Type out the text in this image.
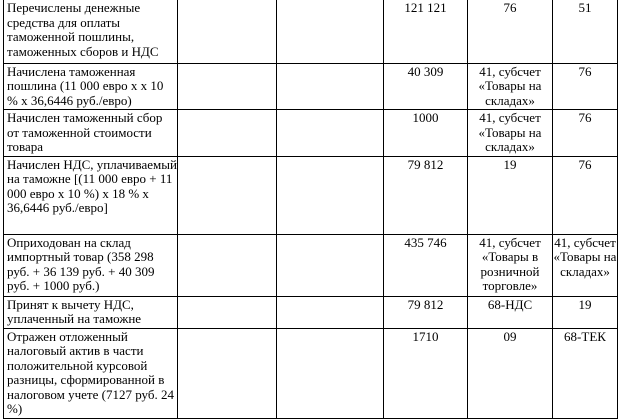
Перечислены денежные средства для оплаты таможенной пошлины, таможенных сборов и НДС			121 121	76	51
Начислена таможенная пошлина (11 000 евро х х 10 % х 36,6446 руб./евро)			40 309	41, субсчет «Товары на складах»	76
Начислен таможенный сбор от таможенной стоимости товара			1000	41, субсчет «Товары на складах»	76
Начислен НДС, уплачиваемый на таможне [(11 000 евро + 11 000 евро х 10 %) х 18 % х 36,6446 руб./евро]			79 812	19	76
Оприходован на склад импортный товар (358 298 руб. + 36 139 руб. + 40 309 руб. + 1000 руб.)			435 746	41, субсчет «Товары в розничной торговле»	41, субсчет «Товары на складах»
Принят к вычету НДС, уплаченный на таможне			79 812	68-НДС	19
Отражен отложенный налоговый актив в части положительной курсовой разницы, сформированной в налоговом учете (7127 руб. 24 %)			1710	09	68-ТЕК
